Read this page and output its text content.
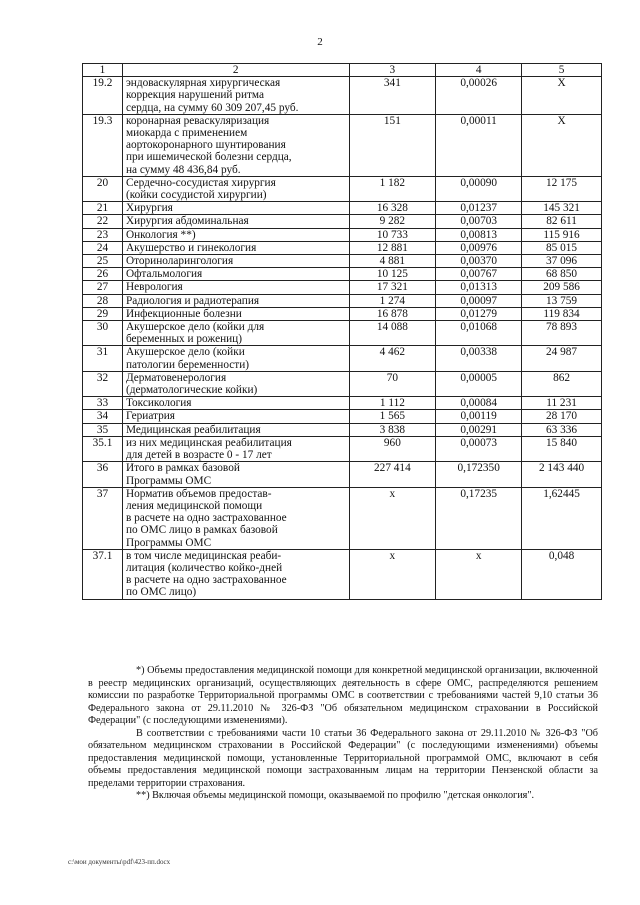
2
1	2	3	4	5
19.2	эндоваскулярная хирургическая
коррекция нарушений ритма
сердца, на сумму 60 309 207,45 руб.	341	0,00026	X
19.3	коронарная реваскуляризация
миокарда с применением
аортокоронарного шунтирования
при ишемической болезни сердца,
на сумму 48 436,84 руб.	151	0,00011	X
20	Сердечно-сосудистая хирургия
(койки сосудистой хирургии)	1 182	0,00090	12 175
21	Хирургия	16 328	0,01237	145 321
22	Хирургия абдоминальная	9 282	0,00703	82 611
23	Онкология **)	10 733	0,00813	115 916
24	Акушерство и гинекология	12 881	0,00976	85 015
25	Оториноларингология	4 881	0,00370	37 096
26	Офтальмология	10 125	0,00767	68 850
27	Неврология	17 321	0,01313	209 586
28	Радиология и радиотерапия	1 274	0,00097	13 759
29	Инфекционные болезни	16 878	0,01279	119 834
30	Акушерское дело (койки для
беременных и рожениц)	14 088	0,01068	78 893
31	Акушерское дело (койки
патологии беременности)	4 462	0,00338	24 987
32	Дерматовенерология
(дерматологические койки)	70	0,00005	862
33	Токсикология	1 112	0,00084	11 231
34	Гериатрия	1 565	0,00119	28 170
35	Медицинская реабилитация	3 838	0,00291	63 336
35.1	из них медицинская реабилитация
для детей в возрасте 0 - 17 лет	960	0,00073	15 840
36	Итого в рамках базовой
Программы ОМС	227 414	0,172350	2 143 440
37	Норматив объемов предостав-
ления медицинской помощи
в расчете на одно застрахованное
по ОМС лицо в рамках базовой
Программы ОМС	х	0,17235	1,62445
37.1	в том числе медицинская реаби-
литация (количество койко-дней
в расчете на одно застрахованное
по ОМС лицо)	х	х	0,048

*) Объемы предоставления медицинской помощи для конкретной медицинской организации, включенной в реестр медицинских организаций, осуществляющих деятельность в сфере ОМС, распределяются решением комиссии по разработке Территориальной программы ОМС в соответствии с требованиями частей 9,10 статьи 36 Федерального закона от 29.11.2010 № 326-ФЗ "Об обязательном медицинском страховании в Российской Федерации" (с последующими изменениями).

В соответствии с требованиями части 10 статьи 36 Федерального закона от 29.11.2010 № 326-ФЗ "Об обязательном медицинском страховании в Российской Федерации" (с последующими изменениями) объемы предоставления медицинской помощи, установленные Территориальной программой ОМС, включают в себя объемы предоставления медицинской помощи застрахованным лицам на территории Пензенской области за пределами территории страхования.

**) Включая объемы медицинской помощи, оказываемой по профилю "детская онкология".

c:\мои документы\pdf\423-пп.docx
